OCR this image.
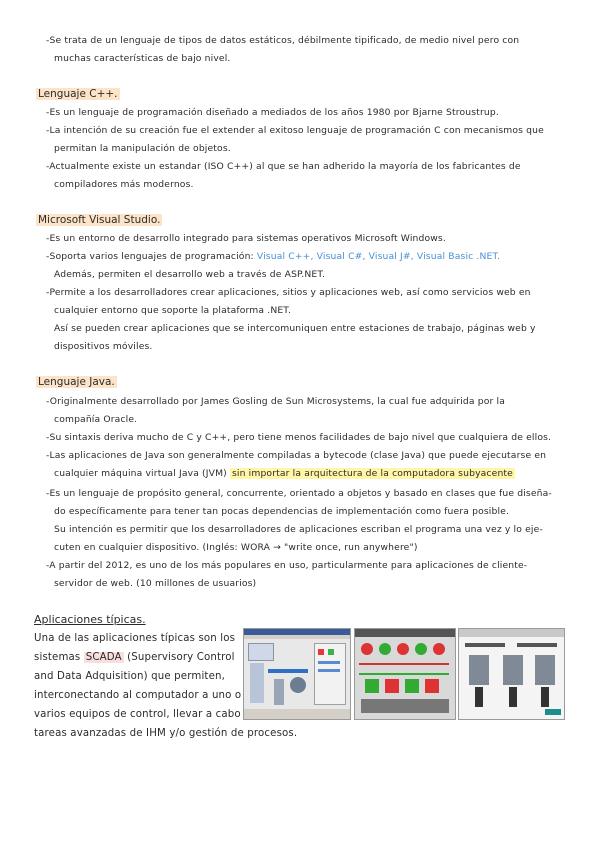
-Se trata de un lenguaje de tipos de datos estáticos, débilmente tipificado, de medio nivel pero con
muchas características de bajo nivel.
Lenguaje C++.
-Es un lenguaje de programación diseñado a mediados de los años 1980 por Bjarne Stroustrup.
-La intención de su creación fue el extender al exitoso lenguaje de programación C con mecanismos que
permitan la manipulación de objetos.
-Actualmente existe un estandar (ISO C++) al que se han adherido la mayoría de los fabricantes de
compiladores más modernos.
Microsoft Visual Studio.
-Es un entorno de desarrollo integrado para sistemas operativos Microsoft Windows.
-Soporta varios lenguajes de programación: Visual C++, Visual C#, Visual J#, Visual Basic .NET.
Además, permiten el desarrollo web a través de ASP.NET.
-Permite a los desarrolladores crear aplicaciones, sitios y aplicaciones web, así como servicios web en
cualquier entorno que soporte la plataforma .NET.
Así se pueden crear aplicaciones que se intercomuniquen entre estaciones de trabajo, páginas web y
dispositivos móviles.
Lenguaje Java.
-Originalmente desarrollado por James Gosling de Sun Microsystems, la cual fue adquirida por la
compañía Oracle.
-Su sintaxis deriva mucho de C y C++, pero tiene menos facilidades de bajo nivel que cualquiera de ellos.
-Las aplicaciones de Java son generalmente compiladas a bytecode (clase Java) que puede ejecutarse en
cualquier máquina virtual Java (JVM) sin importar la arquitectura de la computadora subyacente
-Es un lenguaje de propósito general, concurrente, orientado a objetos y basado en clases que fue diseña-
do específicamente para tener tan pocas dependencias de implementación como fuera posible.
Su intención es permitir que los desarrolladores de aplicaciones escriban el programa una vez y lo eje-
cuten en cualquier dispositivo. (Inglés: WORA → "write once, run anywhere")
-A partir del 2012, es uno de los más populares en uso, particularmente para aplicaciones de cliente-
servidor de web. (10 millones de usuarios)
Aplicaciones típicas.
Una de las aplicaciones típicas son los
sistemas SCADA (Supervisory Control
and Data Adquisition) que permiten,
interconectando al computador a uno o
varios equipos de control, llevar a cabo
tareas avanzadas de IHM y/o gestión de procesos.
